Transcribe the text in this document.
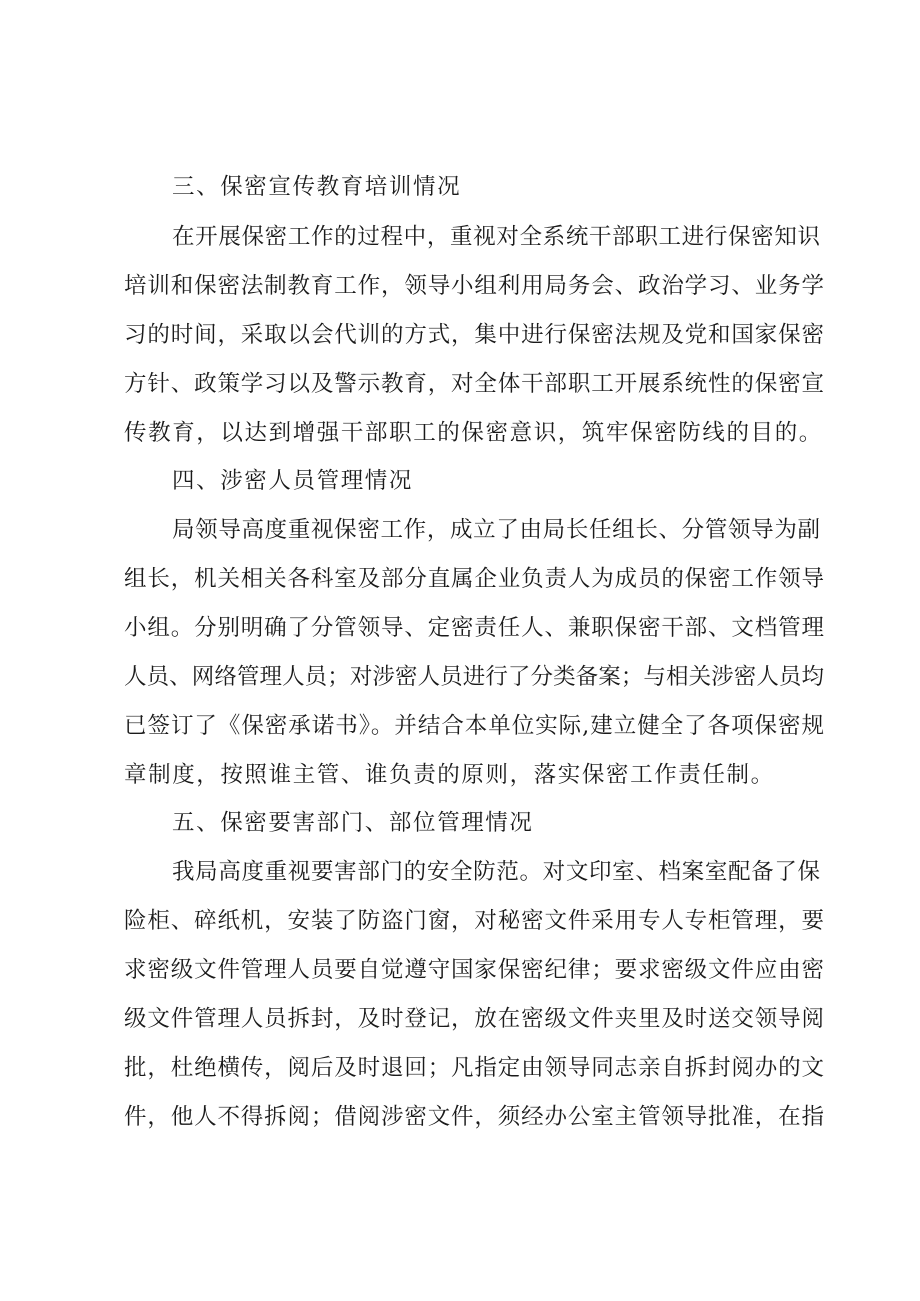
三、保密宣传教育培训情况
在开展保密工作的过程中，重视对全系统干部职工进行保密知识
培训和保密法制教育工作，领导小组利用局务会、政治学习、业务学
习的时间，采取以会代训的方式，集中进行保密法规及党和国家保密
方针、政策学习以及警示教育，对全体干部职工开展系统性的保密宣
传教育，以达到增强干部职工的保密意识，筑牢保密防线的目的。
四、涉密人员管理情况
局领导高度重视保密工作，成立了由局长任组长、分管领导为副
组长，机关相关各科室及部分直属企业负责人为成员的保密工作领导
小组。分别明确了分管领导、定密责任人、兼职保密干部、文档管理
人员、网络管理人员；对涉密人员进行了分类备案；与相关涉密人员均
已签订了《保密承诺书》。并结合本单位实际,建立健全了各项保密规
章制度，按照谁主管、谁负责的原则，落实保密工作责任制。
五、保密要害部门、部位管理情况
我局高度重视要害部门的安全防范。对文印室、档案室配备了保
险柜、碎纸机，安装了防盗门窗，对秘密文件采用专人专柜管理，要
求密级文件管理人员要自觉遵守国家保密纪律；要求密级文件应由密
级文件管理人员拆封，及时登记，放在密级文件夹里及时送交领导阅
批，杜绝横传，阅后及时退回；凡指定由领导同志亲自拆封阅办的文
件，他人不得拆阅；借阅涉密文件，须经办公室主管领导批准，在指
